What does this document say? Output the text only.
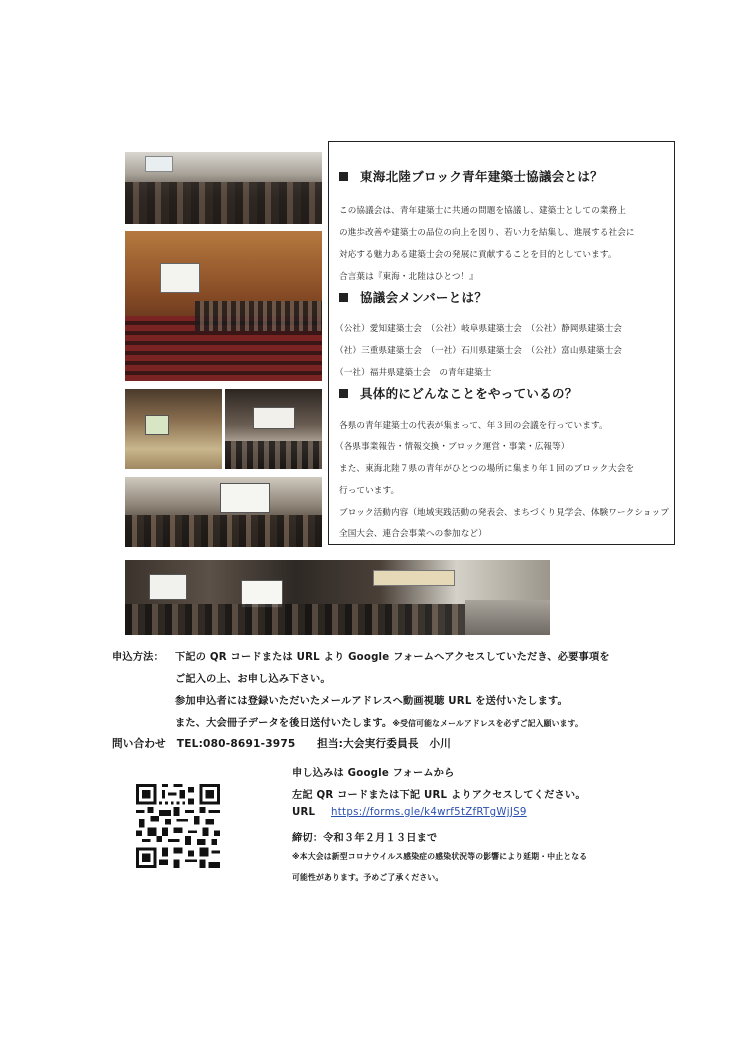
東海北陸ブロック青年建築士協議会とは？
この協議会は、青年建築士に共通の問題を協議し、建築士としての業務上
の進歩改善や建築士の品位の向上を図り、若い力を結集し、進展する社会に
対応する魅力ある建築士会の発展に貢献することを目的としています。
合言葉は『東海・北陸はひとつ！』
協議会メンバーとは？
（公社）愛知建築士会　（公社）岐阜県建築士会　（公社）静岡県建築士会
（社）三重県建築士会　（一社）石川県建築士会　（公社）富山県建築士会
（一社）福井県建築士会　の青年建築士
具体的にどんなことをやっているの？
各県の青年建築士の代表が集まって、年３回の会議を行っています。
（各県事業報告・情報交換・ブロック運営・事業・広報等）
また、東海北陸７県の青年がひとつの場所に集まり年１回のブロック大会を
行っています。
ブロック活動内容（地域実践活動の発表会、まちづくり見学会、体験ワークショップ
全国大会、連合会事業への参加など）
申込方法： 下記の QR コードまたは URL より Google フォームへアクセスしていただき、必要事項を
ご記入の上、お申し込み下さい。
参加申込者には登録いただいたメールアドレスへ動画視聴 URL を送付いたします。
また、大会冊子データを後日送付いたします。※受信可能なメールアドレスを必ずご記入願います。
問い合わせ　TEL:080-8691-3975　　担当:大会実行委員長　小川
申し込みは Google フォームから
左記 QR コードまたは下記 URL よりアクセスしてください。
URL https://forms.gle/k4wrf5tZfRTgWjJS9
締切：令和３年２月１３日まで
※本大会は新型コロナウイルス感染症の感染状況等の影響により延期・中止となる
可能性があります。予めご了承ください。
